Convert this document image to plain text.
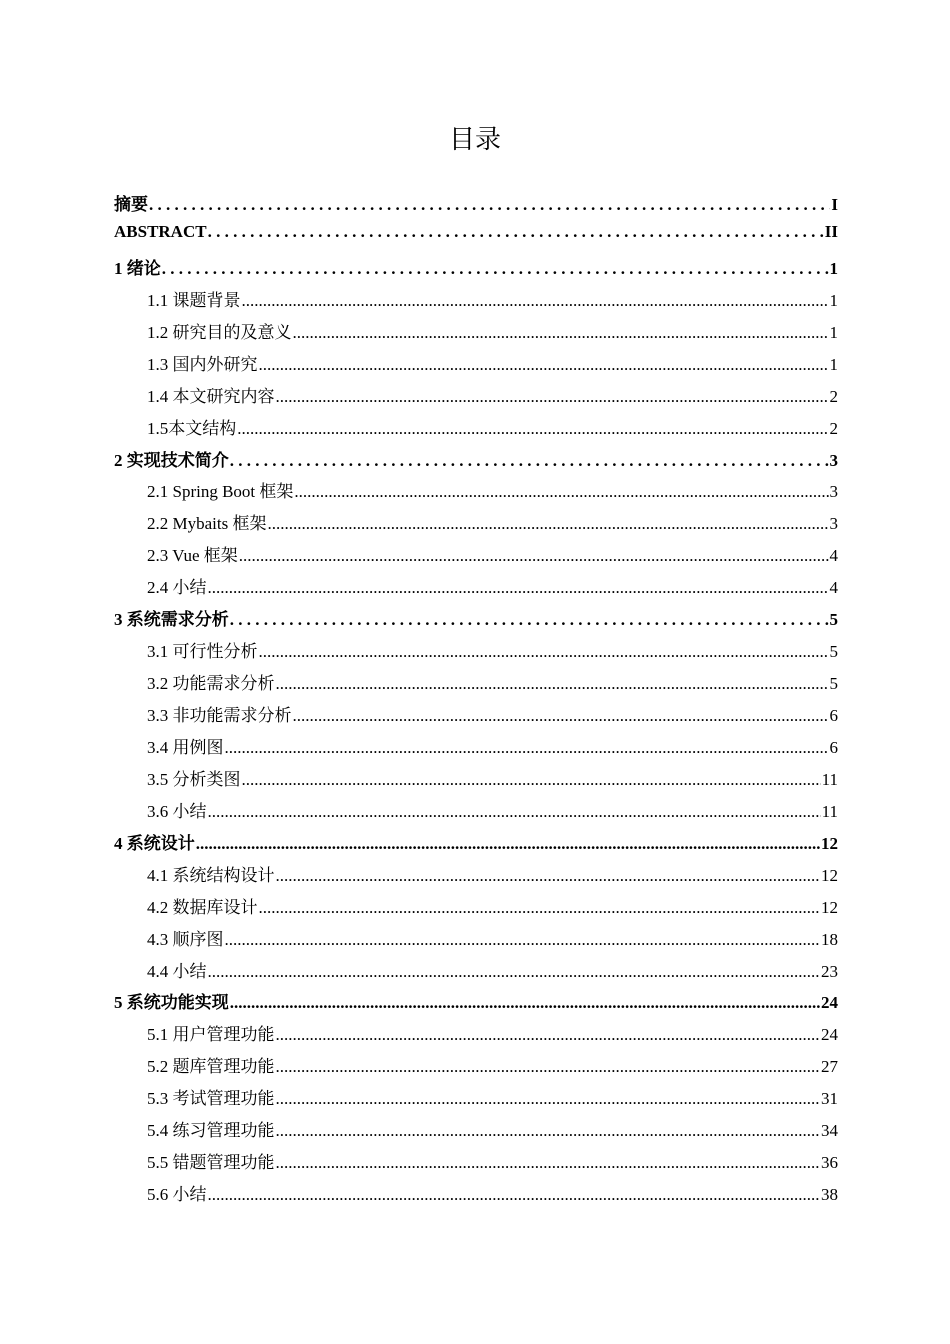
目录
摘要 . . .	I
ABSTRACT . . .	II
1 绪论 . . .	1
1.1 课题背景 .....	1
1.2 研究目的及意义 .....	1
1.3 国内外研究 .....	1
1.4 本文研究内容 .....	2
1.5本文结构 .....	2
2 实现技术简介 . . .	3
2.1 Spring Boot 框架 .....	3
2.2 Mybaits 框架 .....	3
2.3 Vue 框架 .....	4
2.4 小结 .....	4
3 系统需求分析 . . .	5
3.1 可行性分析 .....	5
3.2 功能需求分析 .....	5
3.3 非功能需求分析 .....	6
3.4 用例图 .....	6
3.5 分析类图 .....	11
3.6 小结 .....	11
4 系统设计 .....	12
4.1 系统结构设计 .....	12
4.2 数据库设计 .....	12
4.3 顺序图 .....	18
4.4 小结 .....	23
5 系统功能实现 .....	24
5.1 用户管理功能 .....	24
5.2 题库管理功能 .....	27
5.3 考试管理功能 .....	31
5.4 练习管理功能 .....	34
5.5 错题管理功能 .....	36
5.6 小结 .....	38
